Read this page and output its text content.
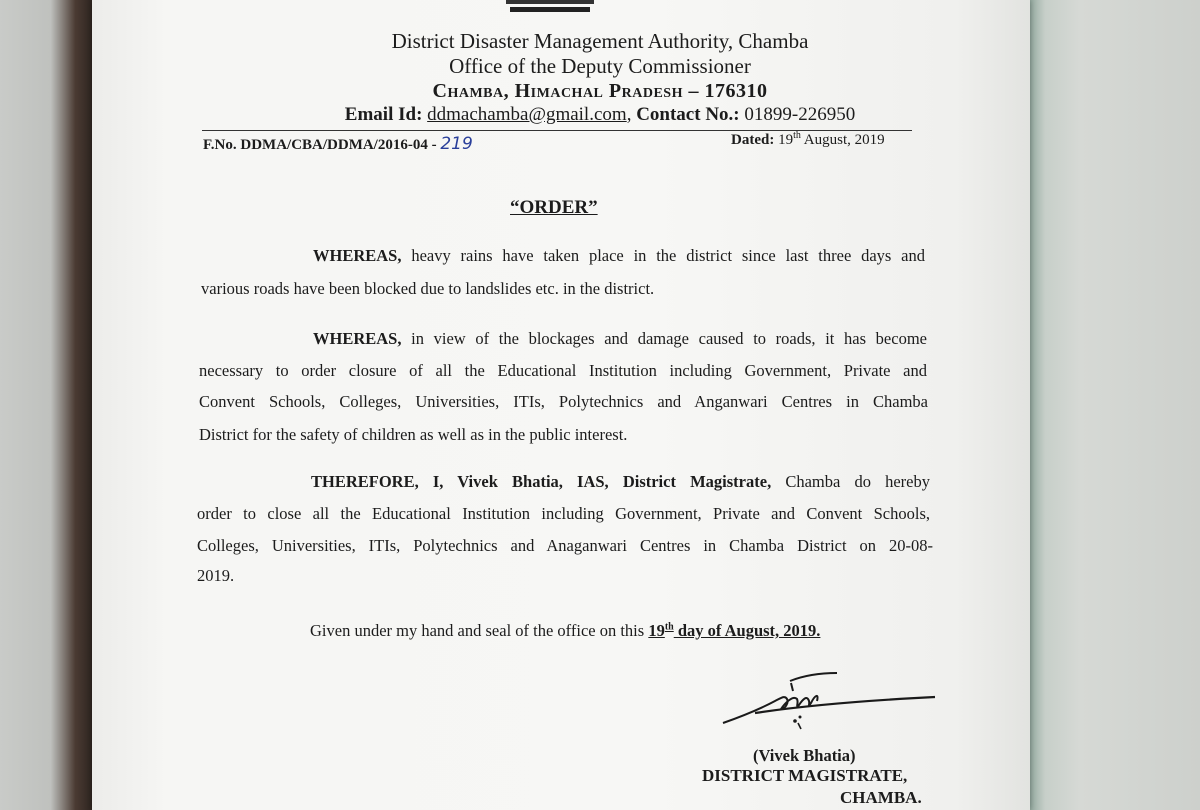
District Disaster Management Authority, Chamba
Office of the Deputy Commissioner
Chamba, Himachal Pradesh – 176310
Email Id: ddmachamba@gmail.com, Contact No.: 01899-226950
F.No. DDMA/CBA/DDMA/2016-04 - 219	Dated: 19th August, 2019
“ORDER”
WHEREAS, heavy rains have taken place in the district since last three days and
various roads have been blocked due to landslides etc. in the district.
WHEREAS, in view of the blockages and damage caused to roads, it has become
necessary to order closure of all the Educational Institution including Government, Private and
Convent Schools, Colleges, Universities, ITIs, Polytechnics and Anganwari Centres in Chamba
District for the safety of children as well as in the public interest.
THEREFORE, I, Vivek Bhatia, IAS, District Magistrate, Chamba do hereby
order to close all the Educational Institution including Government, Private and Convent Schools,
Colleges, Universities, ITIs, Polytechnics and Anaganwari Centres in Chamba District on 20-08-
2019.
Given under my hand and seal of the office on this 19th day of August, 2019.
(Vivek Bhatia)
DISTRICT MAGISTRATE,
CHAMBA.
